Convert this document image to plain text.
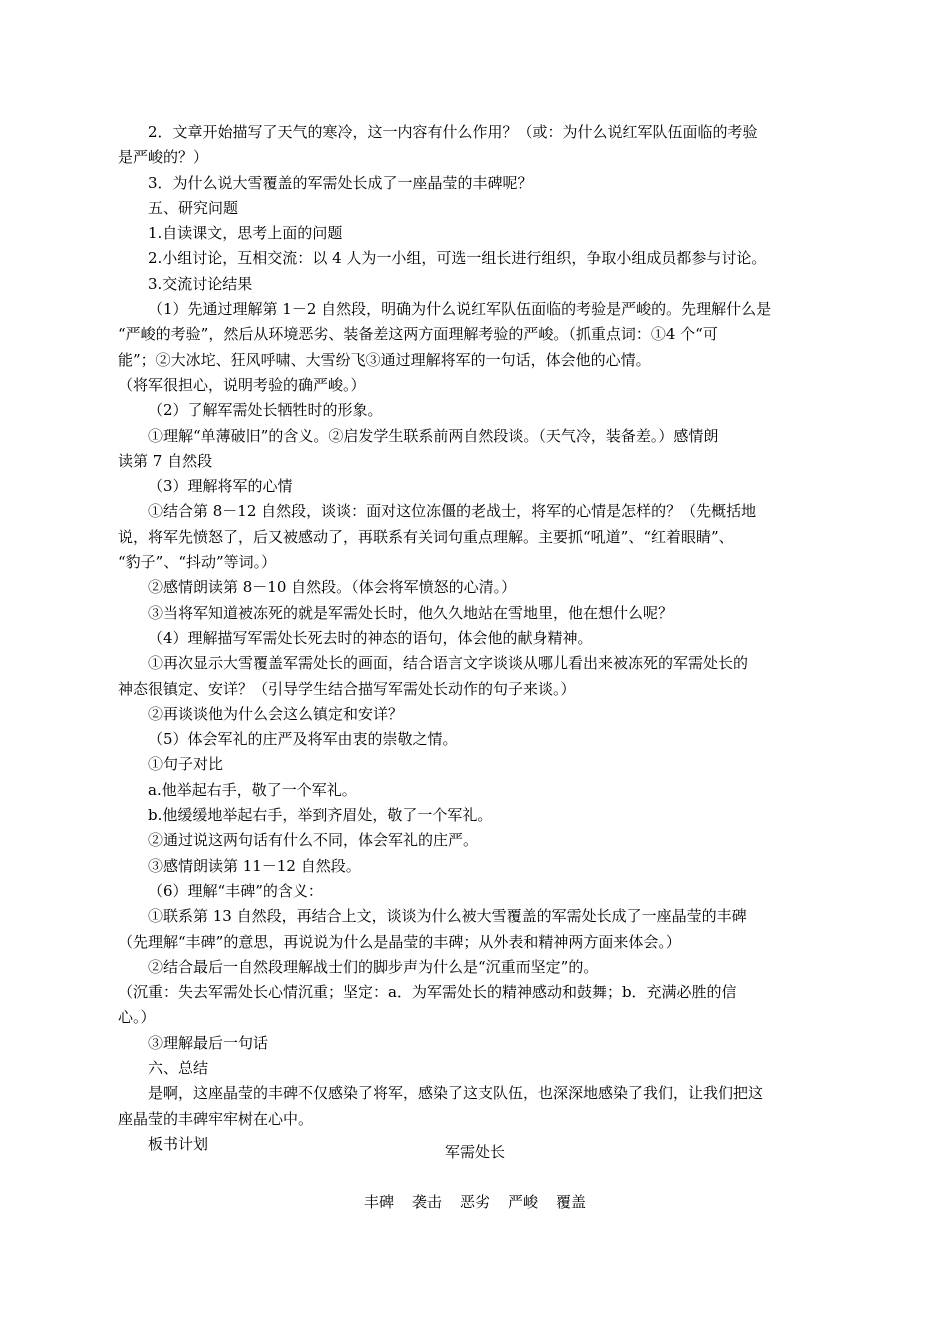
2．文章开始描写了天气的寒冷，这一内容有什么作用？（或：为什么说红军队伍面临的考验

是严峻的？）

3．为什么说大雪覆盖的军需处长成了一座晶莹的丰碑呢？

五、研究问题

1.自读课文，思考上面的问题

2.小组讨论，互相交流：以 4 人为一小组，可选一组长进行组织，争取小组成员都参与讨论。

3.交流讨论结果

（1）先通过理解第 1－2 自然段，明确为什么说红军队伍面临的考验是严峻的。先理解什么是

“严峻的考验”，然后从环境恶劣、装备差这两方面理解考验的严峻。（抓重点词：①4 个“可

能”；②大冰坨、狂风呼啸、大雪纷飞③通过理解将军的一句话，体会他的心情。

（将军很担心，说明考验的确严峻。）

（2）了解军需处长牺牲时的形象。

①理解“单薄破旧”的含义。②启发学生联系前两自然段谈。（天气冷，装备差。）感情朗

读第 7 自然段

（3）理解将军的心情

①结合第 8－12 自然段，谈谈：面对这位冻僵的老战士，将军的心情是怎样的？（先概括地

说，将军先愤怒了，后又被感动了，再联系有关词句重点理解。主要抓“吼道”、“红着眼睛”、

“豹子”、“抖动”等词。）

②感情朗读第 8－10 自然段。（体会将军愤怒的心清。）

③当将军知道被冻死的就是军需处长时，他久久地站在雪地里，他在想什么呢？

（4）理解描写军需处长死去时的神态的语句，体会他的献身精神。

①再次显示大雪覆盖军需处长的画面，结合语言文字谈谈从哪儿看出来被冻死的军需处长的

神态很镇定、安详？（引导学生结合描写军需处长动作的句子来谈。）

②再谈谈他为什么会这么镇定和安详？

（5）体会军礼的庄严及将军由衷的崇敬之情。

①句子对比

a.他举起右手，敬了一个军礼。

b.他缓缓地举起右手，举到齐眉处，敬了一个军礼。

②通过说这两句话有什么不同，体会军礼的庄严。

③感情朗读第 11－12 自然段。

（6）理解“丰碑”的含义：

①联系第 13 自然段，再结合上文，谈谈为什么被大雪覆盖的军需处长成了一座晶莹的丰碑

（先理解“丰碑”的意思，再说说为什么是晶莹的丰碑；从外表和精神两方面来体会。）

②结合最后一自然段理解战士们的脚步声为什么是“沉重而坚定”的。

（沉重：失去军需处长心情沉重；坚定：a．为军需处长的精神感动和鼓舞；b．充满必胜的信

心。）

③理解最后一句话

六、总结

是啊，这座晶莹的丰碑不仅感染了将军，感染了这支队伍，也深深地感染了我们，让我们把这

座晶莹的丰碑牢牢树在心中。

板书计划	军需处长
丰碑 袭击 恶劣 严峻 覆盖
